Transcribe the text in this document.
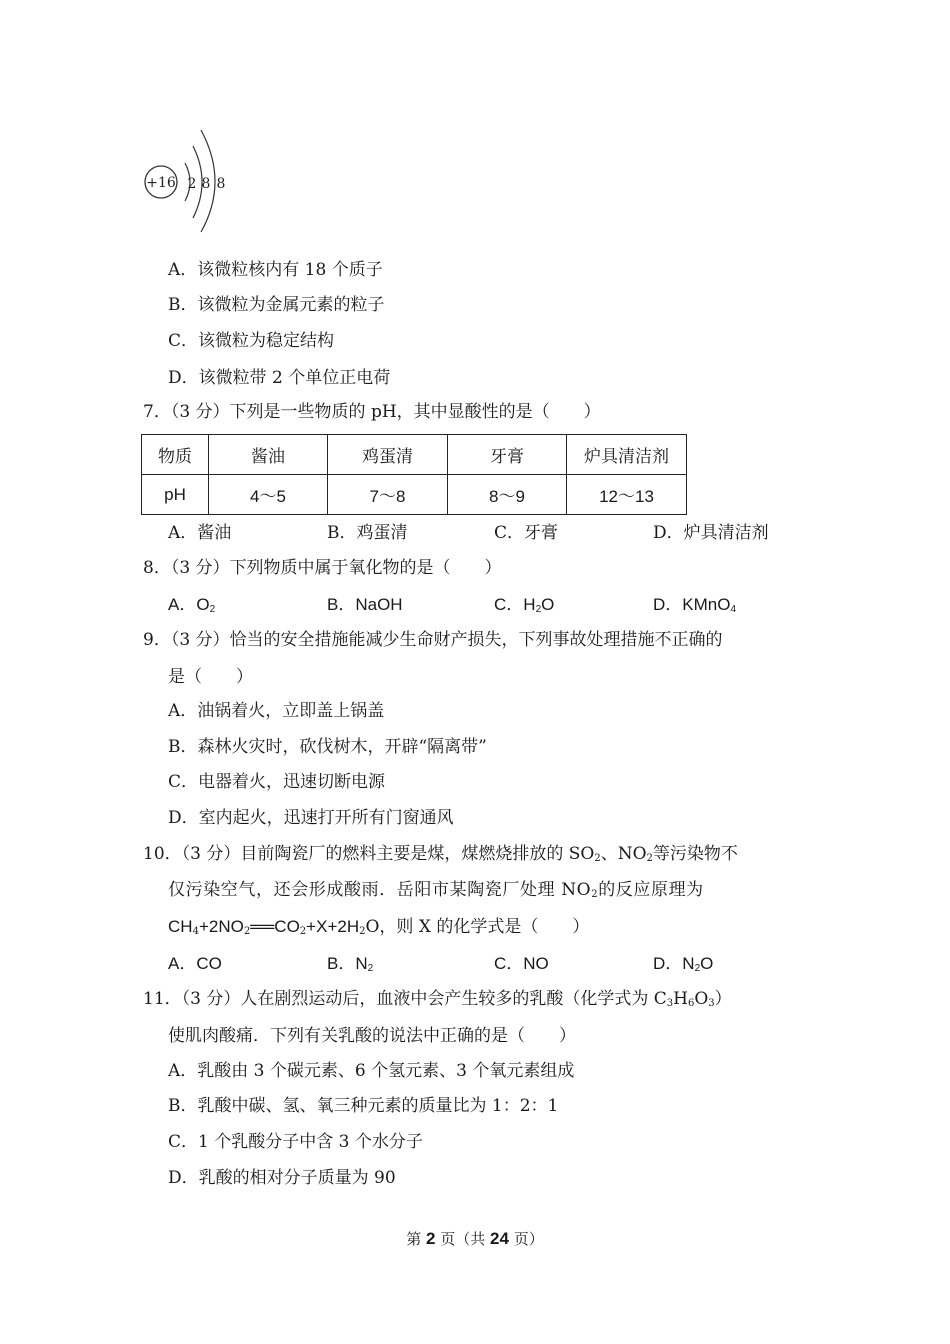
+16 2 8 8
A．该微粒核内有 18 个质子
B．该微粒为金属元素的粒子
C．该微粒为稳定结构
D．该微粒带 2 个单位正电荷
7．（3 分）下列是一些物质的 pH，其中显酸性的是（　　）
物质	酱油	鸡蛋清	牙膏	炉具清洁剂
pH	4～5	7～8	8～9	12～13
A．酱油	B．鸡蛋清	C．牙膏	D．炉具清洁剂
8．（3 分）下列物质中属于氧化物的是（　　）
A．$O_2$	B．NaOH	C．$H_2O$	D．KMnO$_4$
9．（3 分）恰当的安全措施能减少生命财产损失，下列事故处理措施不正确的
是（　　）
A．油锅着火，立即盖上锅盖
B．森林火灾时，砍伐树木，开辟“隔离带”
C．电器着火，迅速切断电源
D．室内起火，迅速打开所有门窗通风
10．（3 分）目前陶瓷厂的燃料主要是煤，煤燃烧排放的 $SO_2$、$NO_2$等污染物不
仅污染空气，还会形成酸雨．岳阳市某陶瓷厂处理 $NO_2$的反应原理为
$CH_4+2NO_2══CO_2+X+2H_2O$，则 X 的化学式是（　　）
A．CO	B．$N_2$	C．NO	D．$N_2O$
11．（3 分）人在剧烈运动后，血液中会产生较多的乳酸（化学式为 $C_3H_6O_3$）
使肌肉酸痛．下列有关乳酸的说法中正确的是（　　）
A．乳酸由 3 个碳元素、6 个氢元素、3 个氧元素组成
B．乳酸中碳、氢、氧三种元素的质量比为 1：2：1
C．1 个乳酸分子中含 3 个水分子
D．乳酸的相对分子质量为 90
第 2 页（共 24 页）
